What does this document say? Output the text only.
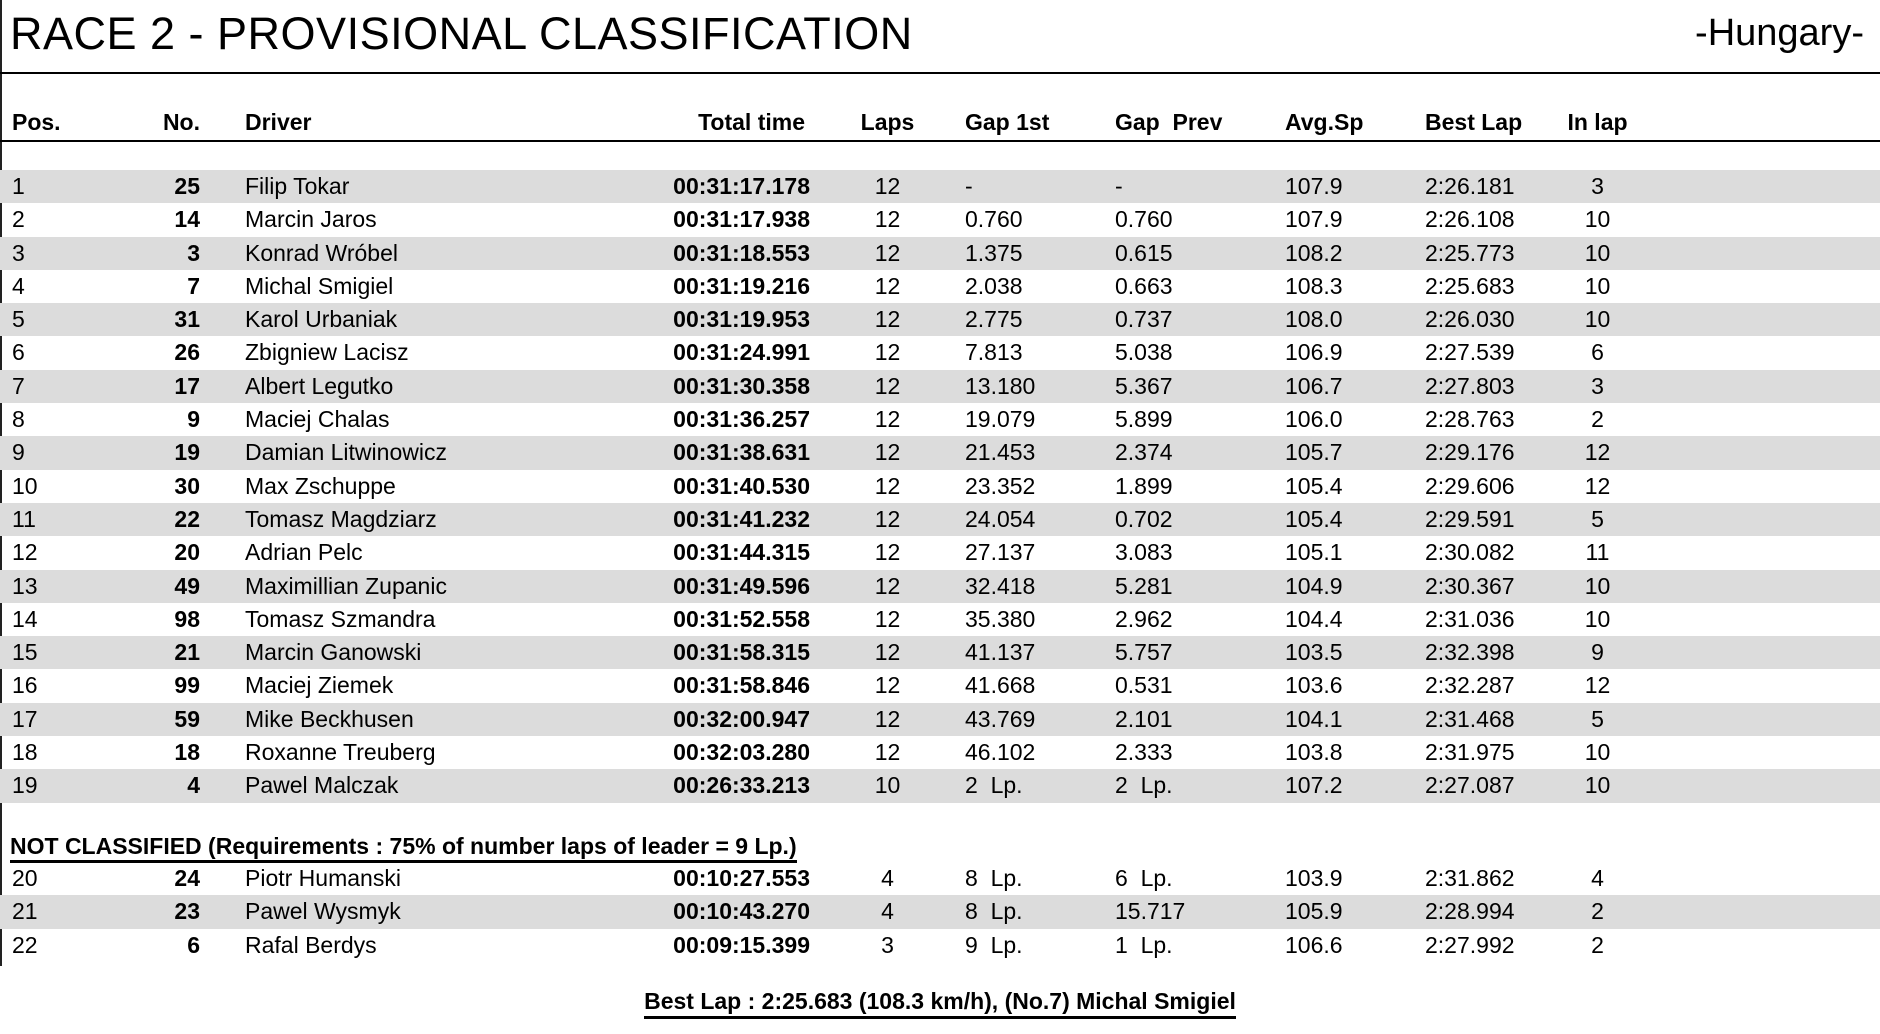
RACE 2 - PROVISIONAL CLASSIFICATION	-Hungary-
Pos.	No.	Driver	Total time	Laps	Gap 1st	Gap  Prev	Avg.Sp	Best Lap	In lap
1	25	Filip Tokar	00:31:17.178	12	-	-	107.9	2:26.181	3
2	14	Marcin Jaros	00:31:17.938	12	0.760	0.760	107.9	2:26.108	10
3	3	Konrad Wróbel	00:31:18.553	12	1.375	0.615	108.2	2:25.773	10
4	7	Michal Smigiel	00:31:19.216	12	2.038	0.663	108.3	2:25.683	10
5	31	Karol Urbaniak	00:31:19.953	12	2.775	0.737	108.0	2:26.030	10
6	26	Zbigniew Lacisz	00:31:24.991	12	7.813	5.038	106.9	2:27.539	6
7	17	Albert Legutko	00:31:30.358	12	13.180	5.367	106.7	2:27.803	3
8	9	Maciej Chalas	00:31:36.257	12	19.079	5.899	106.0	2:28.763	2
9	19	Damian Litwinowicz	00:31:38.631	12	21.453	2.374	105.7	2:29.176	12
10	30	Max Zschuppe	00:31:40.530	12	23.352	1.899	105.4	2:29.606	12
11	22	Tomasz Magdziarz	00:31:41.232	12	24.054	0.702	105.4	2:29.591	5
12	20	Adrian Pelc	00:31:44.315	12	27.137	3.083	105.1	2:30.082	11
13	49	Maximillian Zupanic	00:31:49.596	12	32.418	5.281	104.9	2:30.367	10
14	98	Tomasz Szmandra	00:31:52.558	12	35.380	2.962	104.4	2:31.036	10
15	21	Marcin Ganowski	00:31:58.315	12	41.137	5.757	103.5	2:32.398	9
16	99	Maciej Ziemek	00:31:58.846	12	41.668	0.531	103.6	2:32.287	12
17	59	Mike Beckhusen	00:32:00.947	12	43.769	2.101	104.1	2:31.468	5
18	18	Roxanne Treuberg	00:32:03.280	12	46.102	2.333	103.8	2:31.975	10
19	4	Pawel Malczak	00:26:33.213	10	2  Lp.	2  Lp.	107.2	2:27.087	10
NOT CLASSIFIED (Requirements : 75% of number laps of leader = 9 Lp.)
20	24	Piotr Humanski	00:10:27.553	4	8  Lp.	6  Lp.	103.9	2:31.862	4
21	23	Pawel Wysmyk	00:10:43.270	4	8  Lp.	15.717	105.9	2:28.994	2
22	6	Rafal Berdys	00:09:15.399	3	9  Lp.	1  Lp.	106.6	2:27.992	2
Best Lap : 2:25.683 (108.3 km/h), (No.7) Michal Smigiel
